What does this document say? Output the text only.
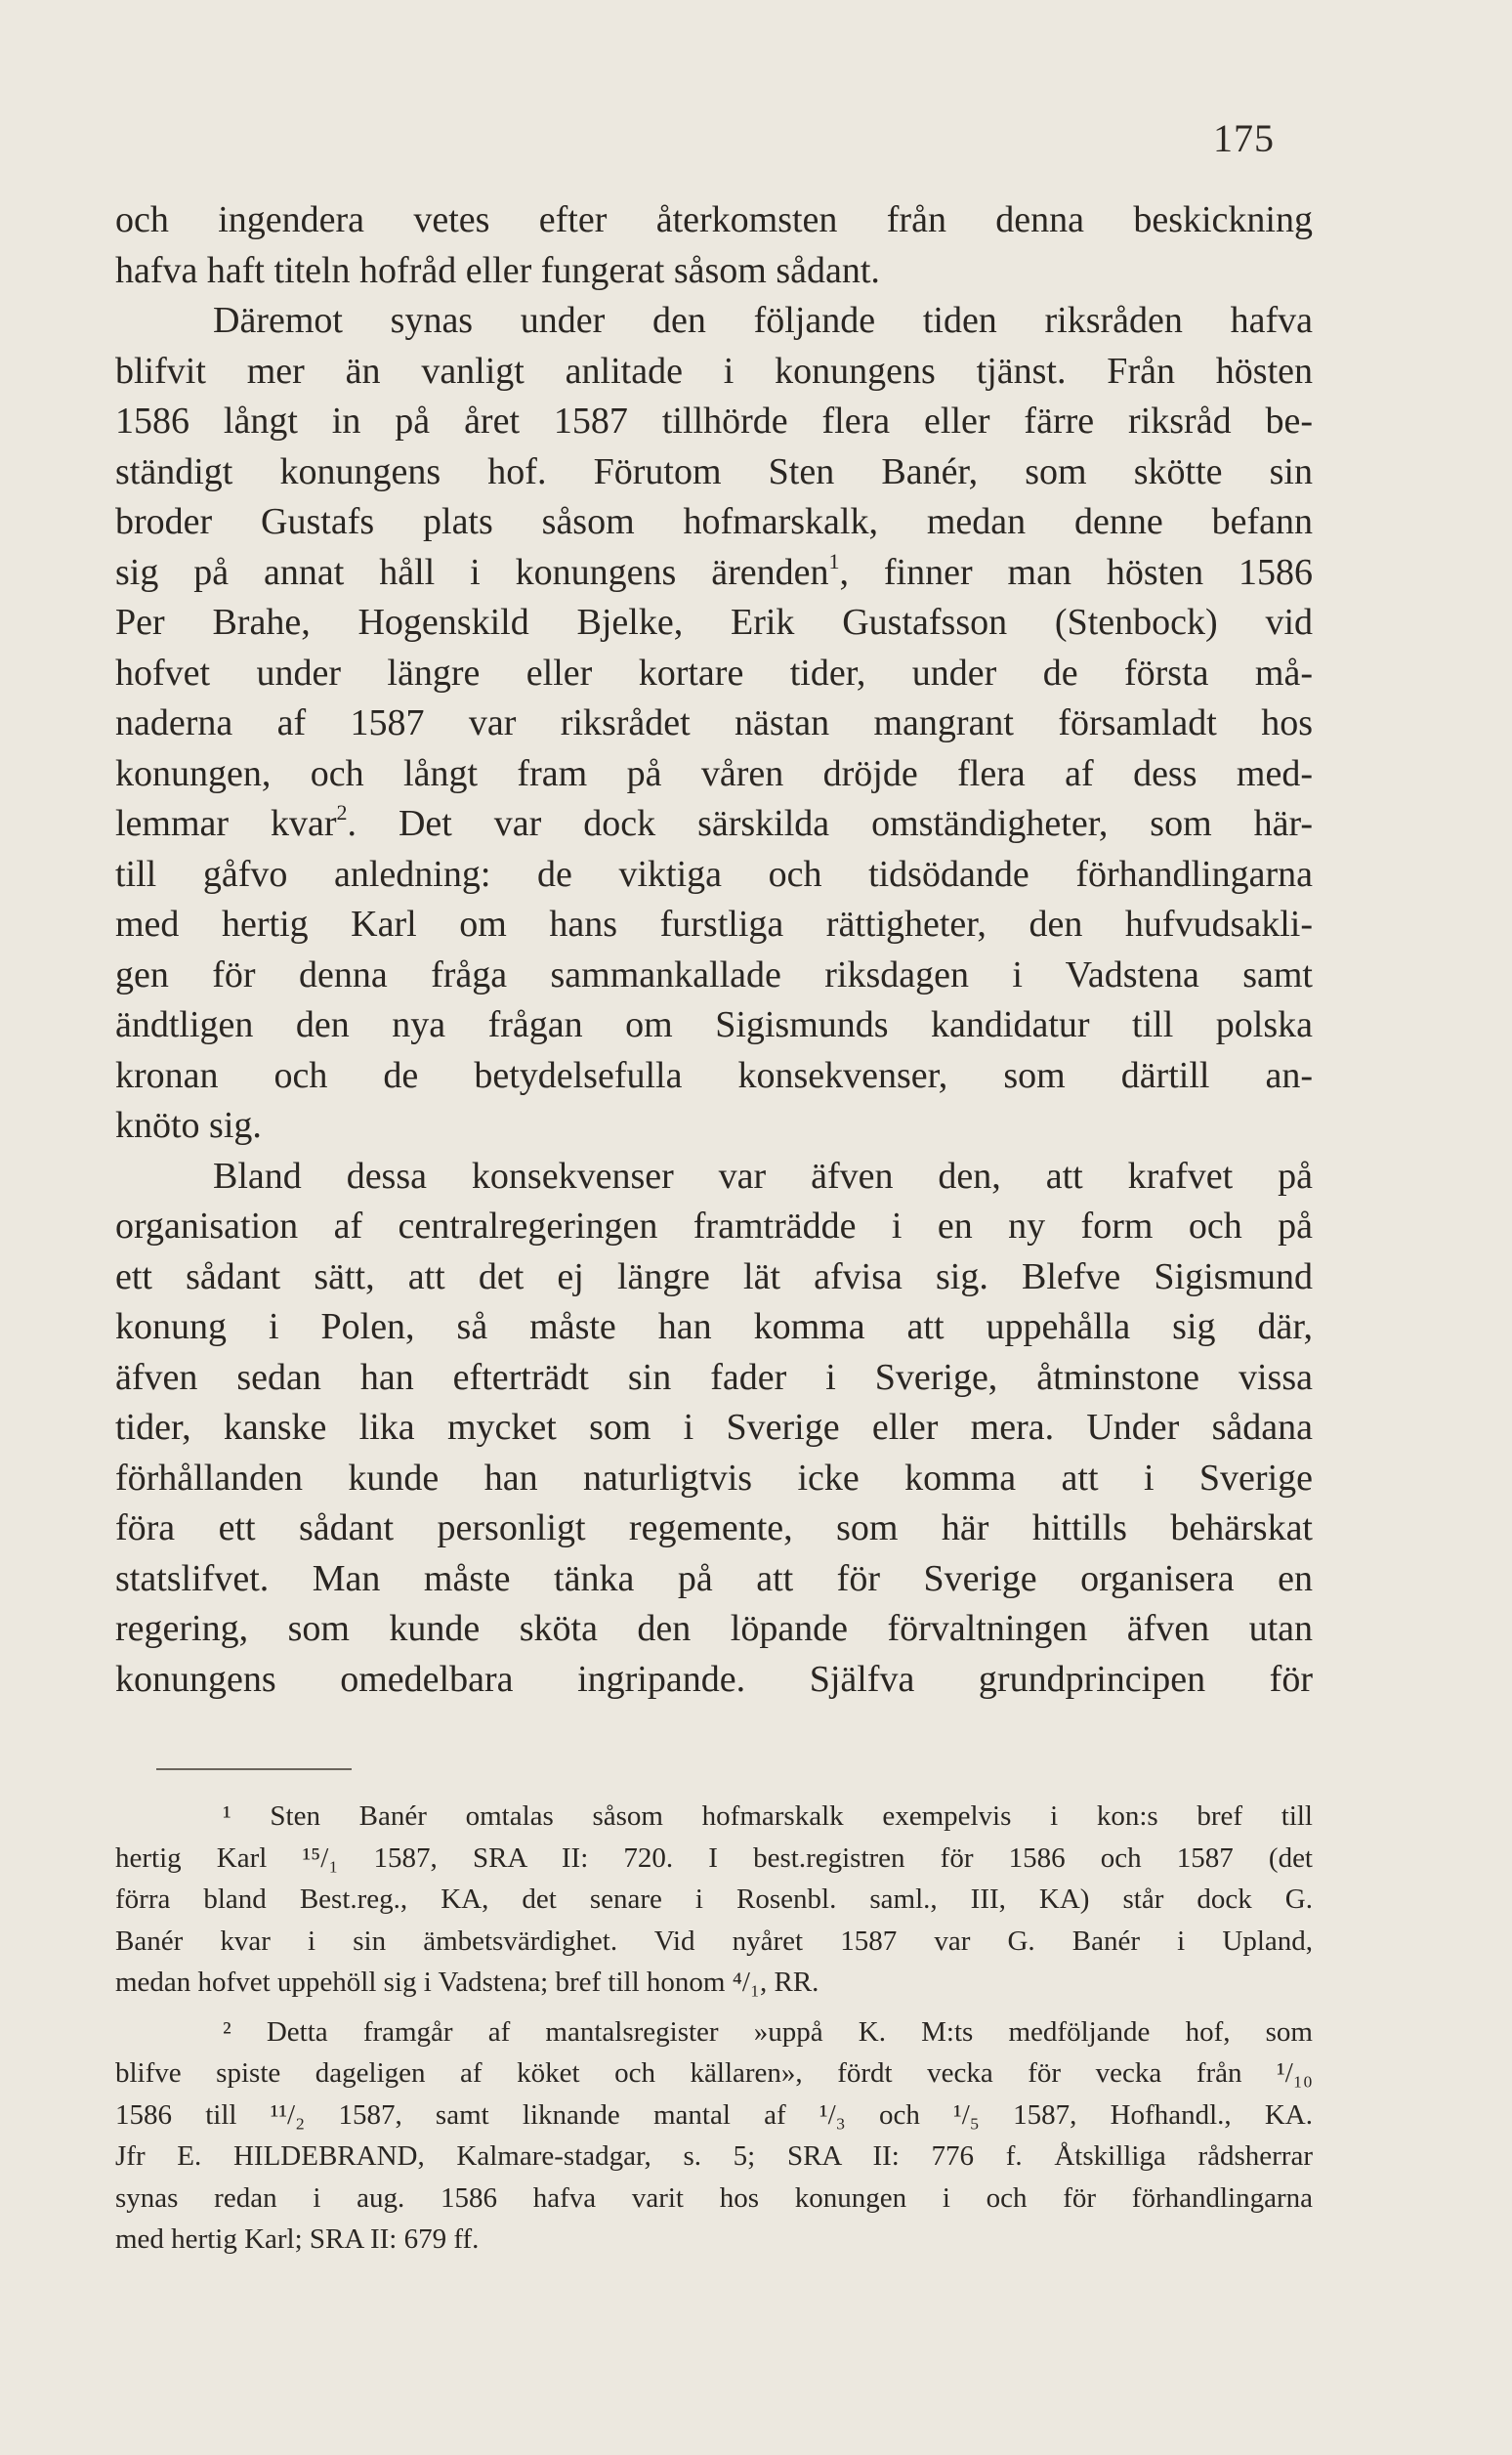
175
och ingendera vetes efter återkomsten från denna beskickning
hafva haft titeln hofråd eller fungerat såsom sådant.
Däremot synas under den följande tiden riksråden hafva
blifvit mer än vanligt anlitade i konungens tjänst. Från hösten
1586 långt in på året 1587 tillhörde flera eller färre riksråd be-
ständigt konungens hof. Förutom Sten Banér, som skötte sin
broder Gustafs plats såsom hofmarskalk, medan denne befann
sig på annat håll i konungens ärenden$^1$, finner man hösten 1586
Per Brahe, Hogenskild Bjelke, Erik Gustafsson (Stenbock) vid
hofvet under längre eller kortare tider, under de första må-
naderna af 1587 var riksrådet nästan mangrant församladt hos
konungen, och långt fram på våren dröjde flera af dess med-
lemmar kvar$^2$. Det var dock särskilda omständigheter, som här-
till gåfvo anledning: de viktiga och tidsödande förhandlingarna
med hertig Karl om hans furstliga rättigheter, den hufvudsakli-
gen för denna fråga sammankallade riksdagen i Vadstena samt
ändtligen den nya frågan om Sigismunds kandidatur till polska
kronan och de betydelsefulla konsekvenser, som därtill an-
knöto sig.
Bland dessa konsekvenser var äfven den, att krafvet på
organisation af centralregeringen framträdde i en ny form och på
ett sådant sätt, att det ej längre lät afvisa sig. Blefve Sigismund
konung i Polen, så måste han komma att uppehålla sig där,
äfven sedan han efterträdt sin fader i Sverige, åtminstone vissa
tider, kanske lika mycket som i Sverige eller mera. Under sådana
förhållanden kunde han naturligtvis icke komma att i Sverige
föra ett sådant personligt regemente, som här hittills behärskat
statslifvet. Man måste tänka på att för Sverige organisera en
regering, som kunde sköta den löpande förvaltningen äfven utan
konungens omedelbara ingripande. Själfva grundprincipen för
¹ Sten Banér omtalas såsom hofmarskalk exempelvis i kon:s bref till
hertig Karl ¹⁵/₁ 1587, SRA II: 720. I best.registren för 1586 och 1587 (det
förra bland Best.reg., KA, det senare i Rosenbl. saml., III, KA) står dock G.
Banér kvar i sin ämbetsvärdighet. Vid nyåret 1587 var G. Banér i Upland,
medan hofvet uppehöll sig i Vadstena; bref till honom ⁴/₁, RR.
² Detta framgår af mantalsregister »uppå K. M:ts medföljande hof, som
blifve spiste dageligen af köket och källaren», fördt vecka för vecka från ¹/₁₀
1586 till ¹¹/₂ 1587, samt liknande mantal af ¹/₃ och ¹/₅ 1587, Hofhandl., KA.
Jfr E. HILDEBRAND, Kalmare-stadgar, s. 5; SRA II: 776 f. Åtskilliga rådsherrar
synas redan i aug. 1586 hafva varit hos konungen i och för förhandlingarna
med hertig Karl; SRA II: 679 ff.
